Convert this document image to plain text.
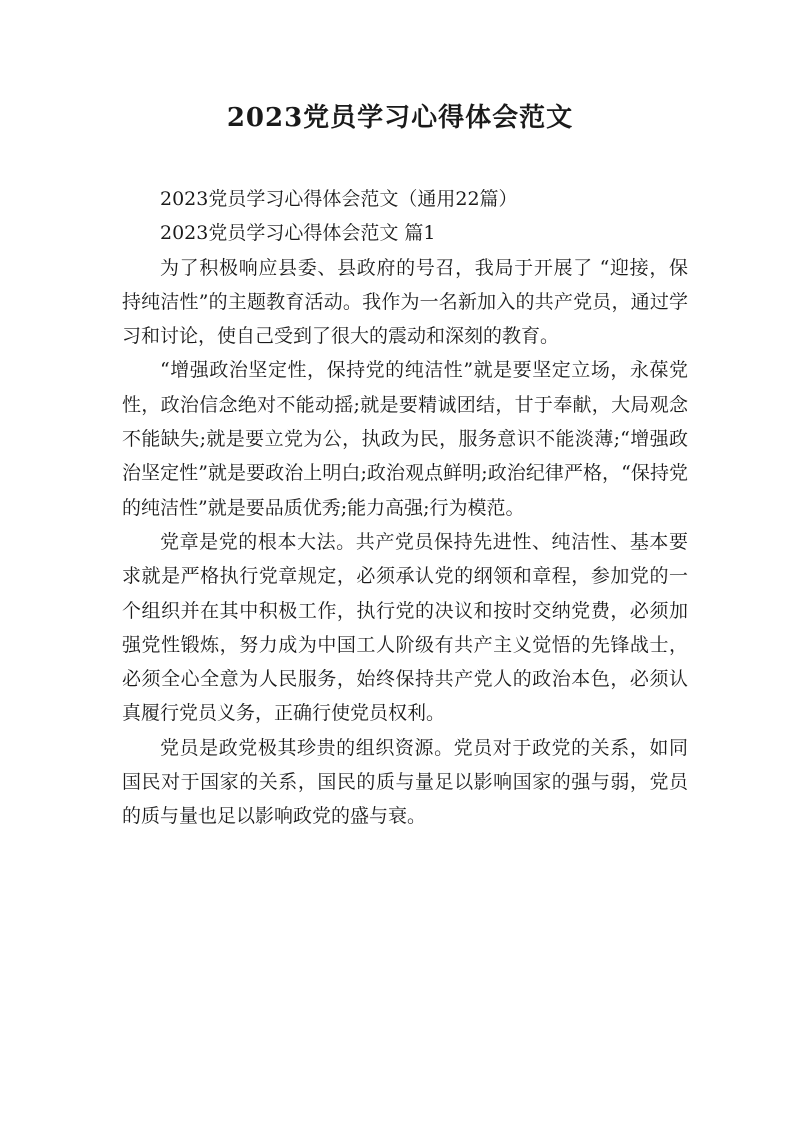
2023党员学习心得体会范文

2023党员学习心得体会范文（通用22篇）

2023党员学习心得体会范文 篇1

为了积极响应县委、县政府的号召，我局于开展了 “迎接，保持纯洁性”的主题教育活动。我作为一名新加入的共产党员，通过学习和讨论，使自己受到了很大的震动和深刻的教育。

“增强政治坚定性，保持党的纯洁性”就是要坚定立场，永葆党性，政治信念绝对不能动摇;就是要精诚团结，甘于奉献，大局观念不能缺失;就是要立党为公，执政为民，服务意识不能淡薄;“增强政治坚定性”就是要政治上明白;政治观点鲜明;政治纪律严格，“保持党的纯洁性”就是要品质优秀;能力高强;行为模范。

党章是党的根本大法。共产党员保持先进性、纯洁性、基本要求就是严格执行党章规定，必须承认党的纲领和章程，参加党的一个组织并在其中积极工作，执行党的决议和按时交纳党费，必须加强党性锻炼，努力成为中国工人阶级有共产主义觉悟的先锋战士，必须全心全意为人民服务，始终保持共产党人的政治本色，必须认真履行党员义务，正确行使党员权利。

党员是政党极其珍贵的组织资源。党员对于政党的关系，如同国民对于国家的关系，国民的质与量足以影响国家的强与弱，党员的质与量也足以影响政党的盛与衰。
